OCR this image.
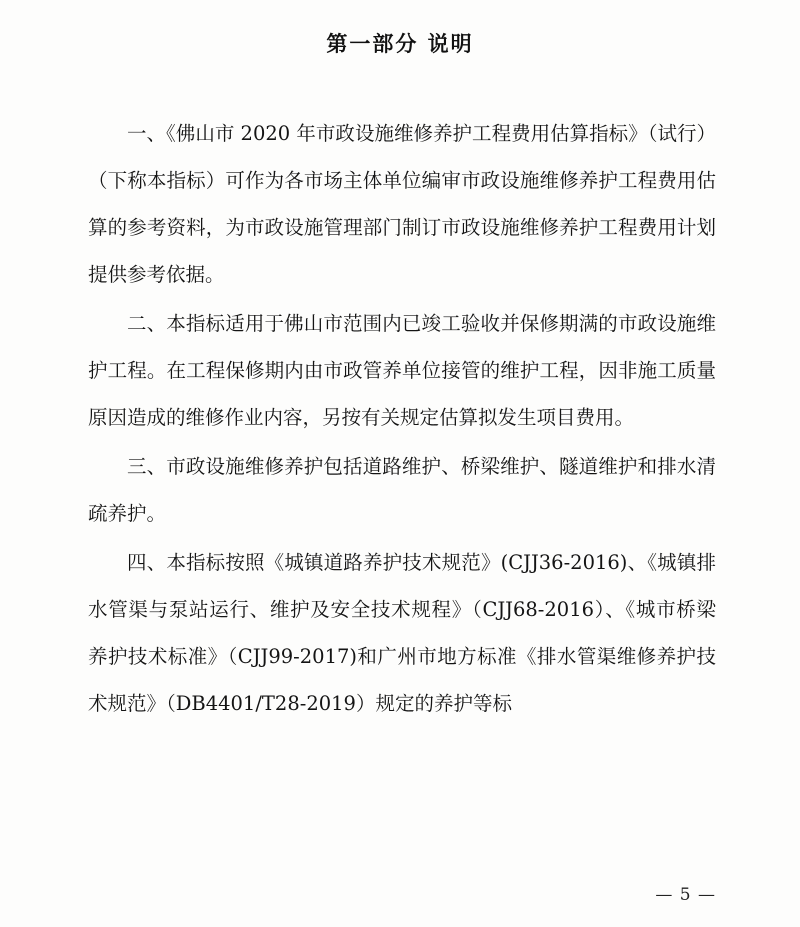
第一部分 说明

一、《佛山市 2020 年市政设施维修养护工程费用估算指标》（试行）（下称本指标）可作为各市场主体单位编审市政设施维修养护工程费用估算的参考资料，为市政设施管理部门制订市政设施维修养护工程费用计划提供参考依据。

二、本指标适用于佛山市范围内已竣工验收并保修期满的市政设施维护工程。在工程保修期内由市政管养单位接管的维护工程，因非施工质量原因造成的维修作业内容，另按有关规定估算拟发生项目费用。

三、市政设施维修养护包括道路维护、桥梁维护、隧道维护和排水清疏养护。

四、本指标按照《城镇道路养护技术规范》(CJJ36-2016)、《城镇排水管渠与泵站运行、维护及安全技术规程》（CJJ68-2016）、《城市桥梁养护技术标准》（CJJ99-2017)和广州市地方标准《排水管渠维修养护技术规范》（DB4401/T28-2019）规定的养护等标

— 5 —
